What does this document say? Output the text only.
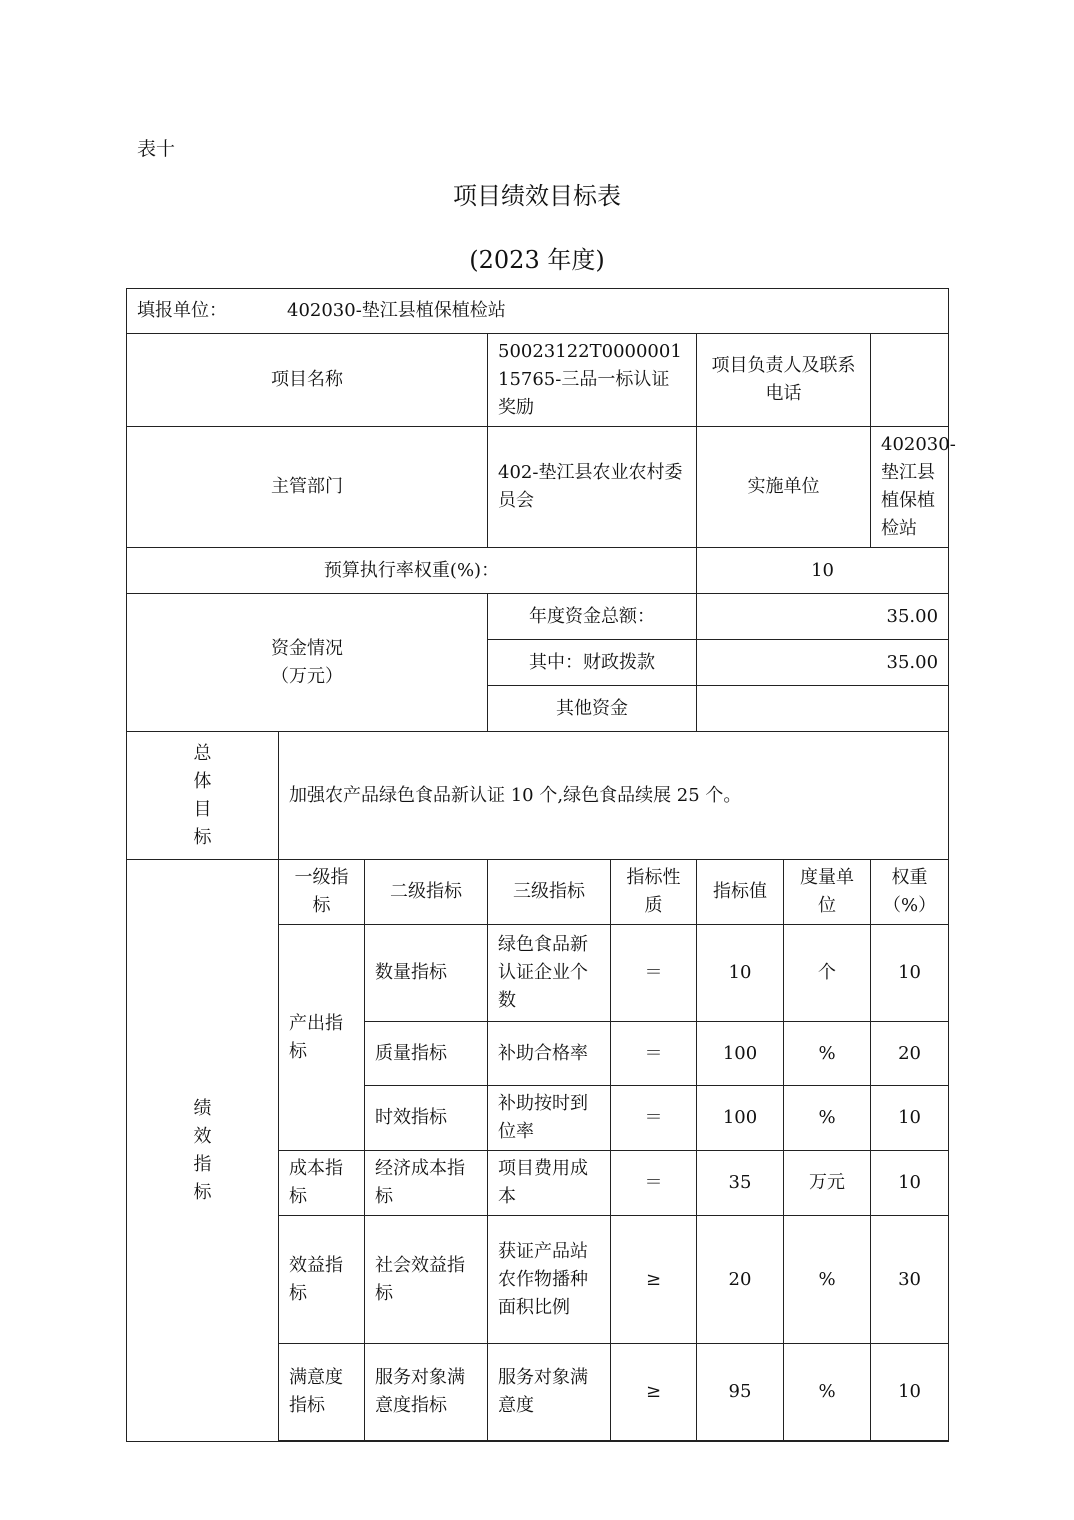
表十
项目绩效目标表
(2023 年度)
填报单位： 402030-垫江县植保植检站							
项目名称			50023122T000000115765-三品一标认证奖励		项目负责人及联系电话		
主管部门			402-垫江县农业农村委员会		实施单位		402030-垫江县植保植检站
预算执行率权重(%)：					10		
资金情况
（万元）			年度资金总额：		35.00		
			其中：财政拨款		35.00		
			其他资金				

总
体
目
标	加强农产品绿色食品新认证 10 个,绿色食品续展 25 个。						

绩
效
指
标	一级指标	二级指标	三级指标	指标性质	指标值	度量单位	权重（%）
	产出指标	数量指标	绿色食品新认证企业个数	＝	10	个	10
		质量指标	补助合格率	＝	100	%	20
		时效指标	补助按时到位率	＝	100	%	10
	成本指标	经济成本指标	项目费用成本	＝	35	万元	10
	效益指标	社会效益指标	获证产品站农作物播种面积比例	≥	20	%	30
	满意度指标	服务对象满意度指标	服务对象满意度	≥	95	%	10
